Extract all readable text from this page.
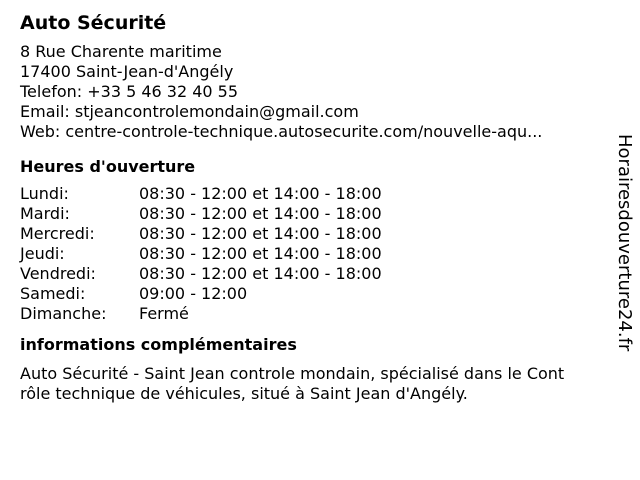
Auto Sécurité
8 Rue Charente maritime
17400 Saint-Jean-d'Angély
Telefon: +33 5 46 32 40 55
Email: stjeancontrolemondain@gmail.com
Web: centre-controle-technique.autosecurite.com/nouvelle-aqu...
Heures d'ouverture
Lundi:	08:30 - 12:00 et 14:00 - 18:00
Mardi:	08:30 - 12:00 et 14:00 - 18:00
Mercredi:	08:30 - 12:00 et 14:00 - 18:00
Jeudi:	08:30 - 12:00 et 14:00 - 18:00
Vendredi:	08:30 - 12:00 et 14:00 - 18:00
Samedi:	09:00 - 12:00
Dimanche:	Fermé
informations complémentaires
Auto Sécurité - Saint Jean controle mondain, spécialisé dans le Cont
rôle technique de véhicules, situé à Saint Jean d'Angély.
Horairesdouverture24.fr
